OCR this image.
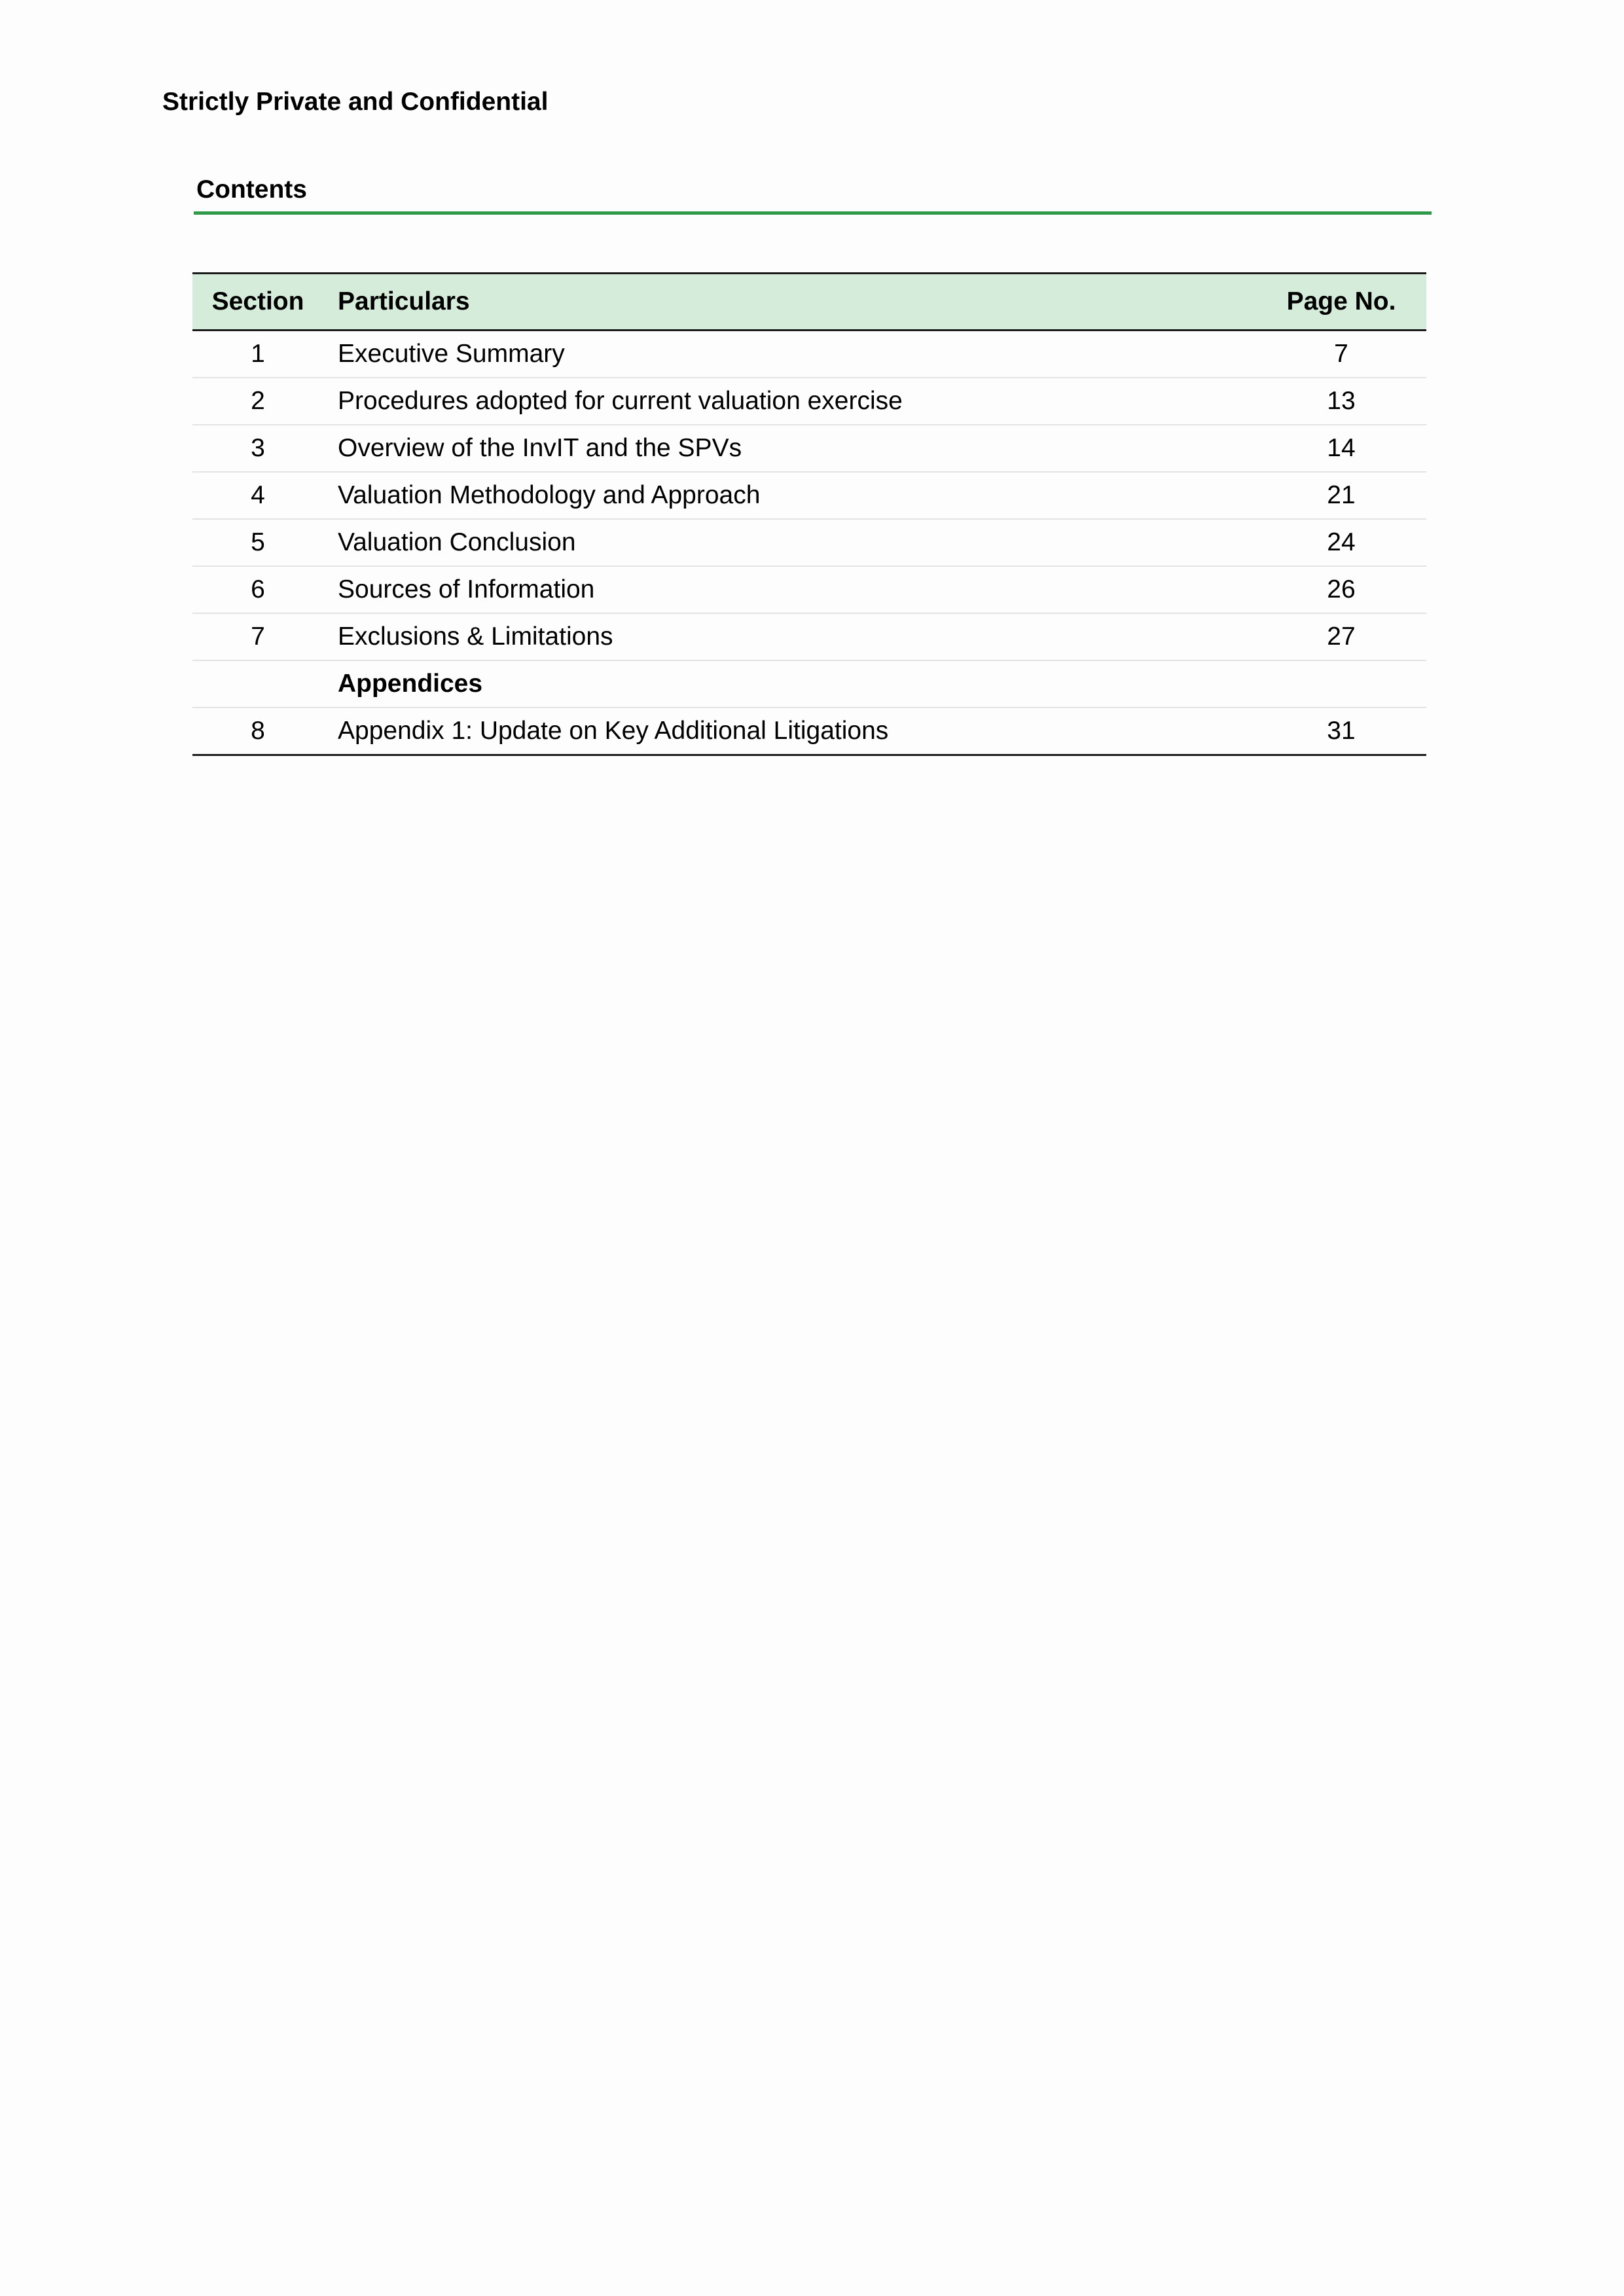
Strictly Private and Confidential
Contents
Section	Particulars	Page No.
1	Executive Summary	7
2	Procedures adopted for current valuation exercise	13
3	Overview of the InvIT and the SPVs	14
4	Valuation Methodology and Approach	21
5	Valuation Conclusion	24
6	Sources of Information	26
7	Exclusions & Limitations	27
	Appendices	
8	Appendix 1: Update on Key Additional Litigations	31
